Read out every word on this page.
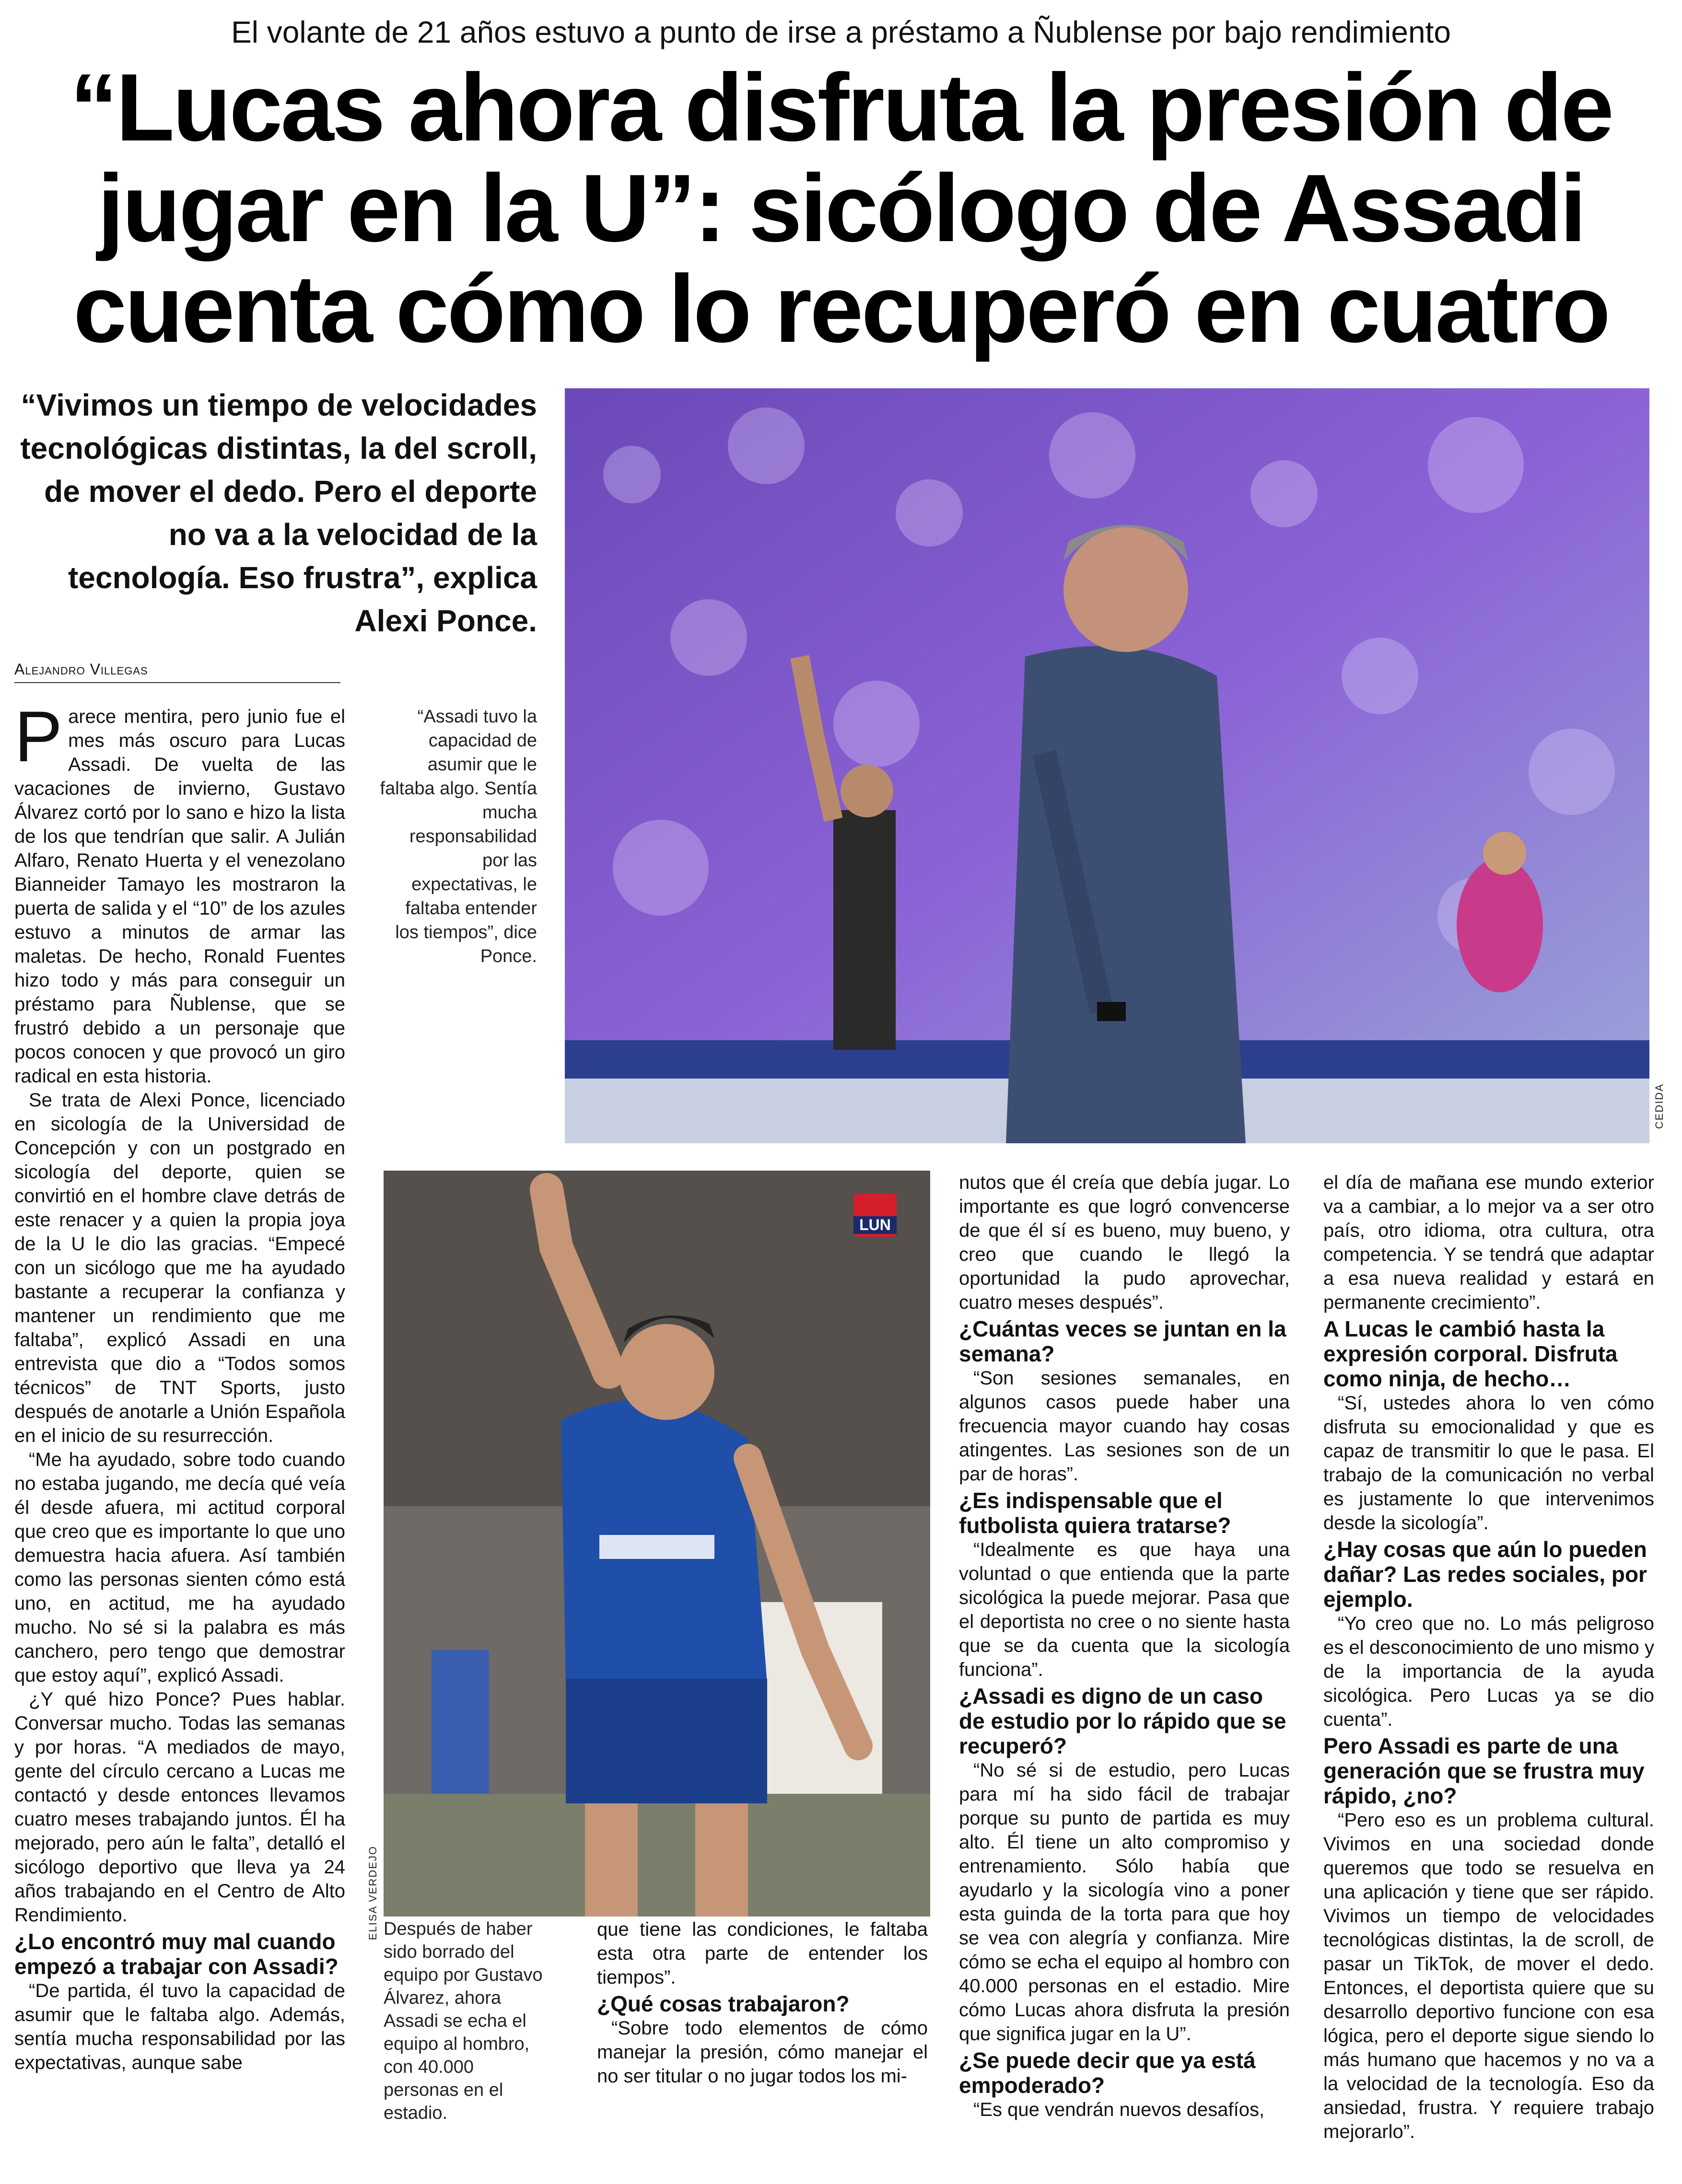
El volante de 21 años estuvo a punto de irse a préstamo a Ñublense por bajo rendimiento
“Lucas ahora disfruta la presión de jugar en la U”: sicólogo de Assadi cuenta cómo lo recuperó en cuatro
“Vivimos un tiempo de velocidades tecnológicas distintas, la del scroll, de mover el dedo. Pero el deporte no va a la velocidad de la tecnología. Eso frustra”, explica Alexi Ponce.
Alejandro Villegas
“Assadi tuvo la capacidad de asumir que le faltaba algo. Sentía mucha responsabilidad por las expectativas, le faltaba entender los tiempos”, dice Ponce.
CEDIDA
LUN
ELISA VERDEJO Después de haber sido borrado del equipo por Gustavo Álvarez, ahora Assadi se echa el equipo al hombro, con 40.000 personas en el estadio.

Parece mentira, pero junio fue el mes más oscuro para Lucas Assadi. De vuelta de las vacaciones de invierno, Gustavo Álvarez cortó por lo sano e hizo la lista de los que tendrían que salir. A Julián Alfaro, Renato Huerta y el venezolano Bianneider Tamayo les mostraron la puerta de salida y el “10” de los azules estuvo a minutos de armar las maletas. De hecho, Ronald Fuentes hizo todo y más para conseguir un préstamo para Ñublense, que se frustró debido a un personaje que pocos conocen y que provocó un giro radical en esta historia.

Se trata de Alexi Ponce, licenciado en sicología de la Universidad de Concepción y con un postgrado en sicología del deporte, quien se convirtió en el hombre clave detrás de este renacer y a quien la propia joya de la U le dio las gracias. “Empecé con un sicólogo que me ha ayudado bastante a recuperar la confianza y mantener un rendimiento que me faltaba”, explicó Assadi en una entrevista que dio a “Todos somos técnicos” de TNT Sports, justo después de anotarle a Unión Española en el inicio de su resurrección.

“Me ha ayudado, sobre todo cuando no estaba jugando, me decía qué veía él desde afuera, mi actitud corporal que creo que es importante lo que uno demuestra hacia afuera. Así también como las personas sienten cómo está uno, en actitud, me ha ayudado mucho. No sé si la palabra es más canchero, pero tengo que demostrar que estoy aquí”, explicó Assadi.

¿Y qué hizo Ponce? Pues hablar. Conversar mucho. Todas las semanas y por horas. “A mediados de mayo, gente del círculo cercano a Lucas me contactó y desde entonces llevamos cuatro meses trabajando juntos. Él ha mejorado, pero aún le falta”, detalló el sicólogo deportivo que lleva ya 24 años trabajando en el Centro de Alto Rendimiento.

¿Lo encontró muy mal cuando empezó a trabajar con Assadi?

“De partida, él tuvo la capacidad de asumir que le faltaba algo. Además, sentía mucha responsabilidad por las expectativas, aunque sabe

que tiene las condiciones, le faltaba esta otra parte de entender los tiempos”.

¿Qué cosas trabajaron?

“Sobre todo elementos de cómo manejar la presión, cómo manejar el no ser titular o no jugar todos los mi-

nutos que él creía que debía jugar. Lo importante es que logró convencerse de que él sí es bueno, muy bueno, y creo que cuando le llegó la oportunidad la pudo aprovechar, cuatro meses después”.

¿Cuántas veces se juntan en la semana?

“Son sesiones semanales, en algunos casos puede haber una frecuencia mayor cuando hay cosas atingentes. Las sesiones son de un par de horas”.

¿Es indispensable que el futbolista quiera tratarse?

“Idealmente es que haya una voluntad o que entienda que la parte sicológica la puede mejorar. Pasa que el deportista no cree o no siente hasta que se da cuenta que la sicología funciona”.

¿Assadi es digno de un caso de estudio por lo rápido que se recuperó?

“No sé si de estudio, pero Lucas para mí ha sido fácil de trabajar porque su punto de partida es muy alto. Él tiene un alto compromiso y entrenamiento. Sólo había que ayudarlo y la sicología vino a poner esta guinda de la torta para que hoy se vea con alegría y confianza. Mire cómo se echa el equipo al hombro con 40.000 personas en el estadio. Mire cómo Lucas ahora disfruta la presión que significa jugar en la U”.

¿Se puede decir que ya está empoderado?

“Es que vendrán nuevos desafíos,

el día de mañana ese mundo exterior va a cambiar, a lo mejor va a ser otro país, otro idioma, otra cultura, otra competencia. Y se tendrá que adaptar a esa nueva realidad y estará en permanente crecimiento”.

A Lucas le cambió hasta la expresión corporal. Disfruta como ninja, de hecho…

“Sí, ustedes ahora lo ven cómo disfruta su emocionalidad y que es capaz de transmitir lo que le pasa. El trabajo de la comunicación no verbal es justamente lo que intervenimos desde la sicología”.

¿Hay cosas que aún lo pueden dañar? Las redes sociales, por ejemplo.

“Yo creo que no. Lo más peligroso es el desconocimiento de uno mismo y de la importancia de la ayuda sicológica. Pero Lucas ya se dio cuenta”.

Pero Assadi es parte de una generación que se frustra muy rápido, ¿no?

“Pero eso es un problema cultural. Vivimos en una sociedad donde queremos que todo se resuelva en una aplicación y tiene que ser rápido. Vivimos un tiempo de velocidades tecnológicas distintas, la de scroll, de pasar un TikTok, de mover el dedo. Entonces, el deportista quiere que su desarrollo deportivo funcione con esa lógica, pero el deporte sigue siendo lo más humano que hacemos y no va a la velocidad de la tecnología. Eso da ansiedad, frustra. Y requiere trabajo mejorarlo”.
